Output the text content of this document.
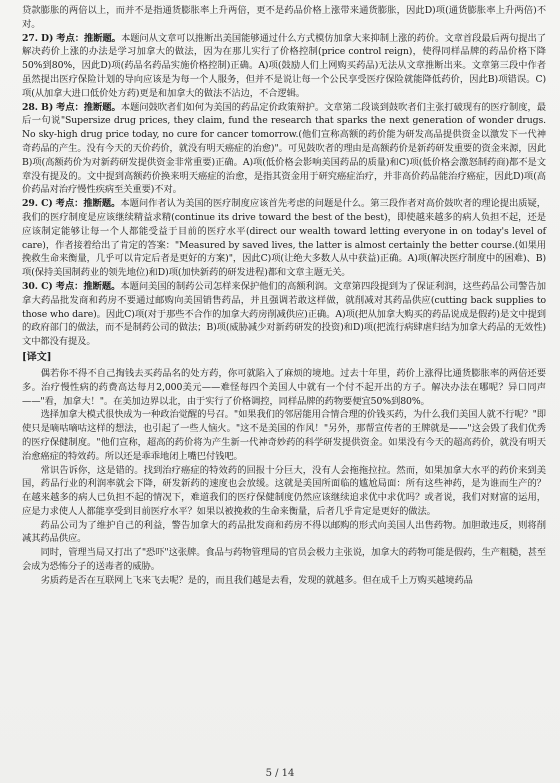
贷款膨胀的两倍以上，而并不是指通货膨胀率上升两倍，更不是药品价格上涨带来通货膨胀，因此D)项(通货膨胀率上升两倍)不对。

27. D) 考点：推断题。本题问从文章可以推断出美国能够通过什么方式模仿加拿大来抑制上涨的药价。文章首段最后两句提出了解决药价上涨的办法是学习加拿大的做法，因为在那儿实行了价格控制(price control reign)，使得同样品牌的药品价格下降50%到80%，因此D)项(药品名药品实施价格控制)正确。A)项(鼓励人们上网购买药品)无法从文章推断出来。文章第三段中作者虽然提出医疗保险计划的导向应该是为每一个人服务，但并不是说让每一个公民享受医疗保险就能降低药价，因此B)项错误。C)项(从加拿大进口低价处方药)更是和加拿大的做法不沾边，不合逻辑。

28. B) 考点：推断题。本题问鼓吹者们如何为美国的药品定价政策辩护。文章第二段谈到鼓吹者们主张打破现有的医疗制度，最后一句说"Supersize drug prices, they claim, fund the research that sparks the next generation of wonder drugs. No sky-high drug price today, no cure for cancer tomorrow.(他们宣称高额的药价能为研发高品提供资金以激发下一代神奇药品的产生。没有今天的天价药价，就没有明天癌症的治愈)"。可见鼓吹者的理由是高额药价是新药研发重要的资金来源，因此B)项(高额药价为对新药研发提供资金非常重要)正确。A)项(低价格会影响美国药品的质量)和C)项(低价格会激怒制药商)都不是文章没有提及的。文中提到高额药价换来明天癌症的治愈，是指其资金用于研究癌症治疗，并非高价药品能治疗癌症，因此D)项(高价药品对治疗慢性疾病至关重要)不对。

29. C) 考点：推断题。本题问作者认为美国的医疗制度应该首先考虑的问题是什么。第三段作者对高价鼓吹者的理论提出质疑，我们的医疗制度是应该继续精益求精(continue its drive toward the best of the best)，即使越来越多的病人负担不起，还是应该制定能够让每一个人都能受益于目前的医疗水平(direct our wealth toward letting everyone in on today's level of care)，作者接着给出了肯定的答案："Measured by saved lives, the latter is almost certainly the better course.(如果用挽救生命来衡量，几乎可以肯定后者是更好的方案)"，因此C)项(让绝大多数人从中获益)正确。A)项(解决医疗制度中的困难)、B)项(保持美国制药业的领先地位)和D)项(加快新药的研发进程)都和文章主题无关。

30. C) 考点：推断题。本题问美国的制药公司怎样来保护他们的高额利润。文章第四段提到为了保证利润，这些药品公司警告加拿大药品批发商和药房不要通过邮购向美国销售药品，并且强调若敢这样做，就削减对其药品供应(cutting back supplies to those who dare)。因此C)项(对于那些不合作的加拿大药房削减供应)正确。A)项(把从加拿大购买的药品说成是假药)是文中提到的政府部门的做法，而不是制药公司的做法；B)项(威胁减少对新药研发的投资)和D)项(把流行病肆虐归结为加拿大药品的无效性)文中都没有提及。

[译文]

偶若你不得不自己掏钱去买药品名的处方药，你可就陷入了麻烦的境地。过去十年里，药价上涨得比通货膨胀率的两倍还要多。治疗慢性病的药费高达每月2,000美元——难怪每四个美国人中就有一个付不起开出的方子。解决办法在哪呢？异口同声——"看，加拿大！"。在美加边界以北，由于实行了价格调控，同样品牌的药物要便宜50%到80%。

选择加拿大模式很快成为一种政治觉醒的号召。"如果我们的邻居能用合情合理的价钱买药，为什么我们美国人就不行呢？"即使只是嘀咕嘀咕这样的想法，也引起了一些人恼火。"这不是美国的作风！"另外，那帮宣传者的王牌就是——"这会毁了我们优秀的医疗保健制度。"他们宣称，超高的药价将为产生新一代神奇妙药的科学研发提供资金。如果没有今天的超高药价，就没有明天治愈癌症的特效药。所以还是乖乖地闭上嘴巴付钱吧。

常识告诉你，这是错的。找到治疗癌症的特效药的回报十分巨大，没有人会拖拖拉拉。然而，如果加拿大水平的药价来到美国，药品行业的利润率就会下降，研发新药的速度也会放缓。这就是美国所面临的尴尬局面：所有这些神药，是为谁而生产的？在越来越多的病人已负担不起的情况下，难道我们的医疗保健制度仍然应该继续追求优中求优吗？或者说，我们对财富的运用，应是力求使人人都能享受到目前医疗水平？如果以被挽救的生命来衡量，后者几乎肯定是更好的做法。

药品公司为了维护自己的利益，警告加拿大的药品批发商和药房不得以邮购的形式向美国人出售药物。加胆敢违反，则将削减其药品供应。

同时，管理当局又打出了"恐吓"这张牌。食品与药物管理局的官员会极力主张说，加拿大的药物可能是假药，生产粗糙，甚至会成为恐怖分子的送毒者的威胁。

劣质药是否在互联网上飞来飞去呢？是的，而且我们越是去看，发现的就越多。但在成千上万购买越境药品

5 / 14
